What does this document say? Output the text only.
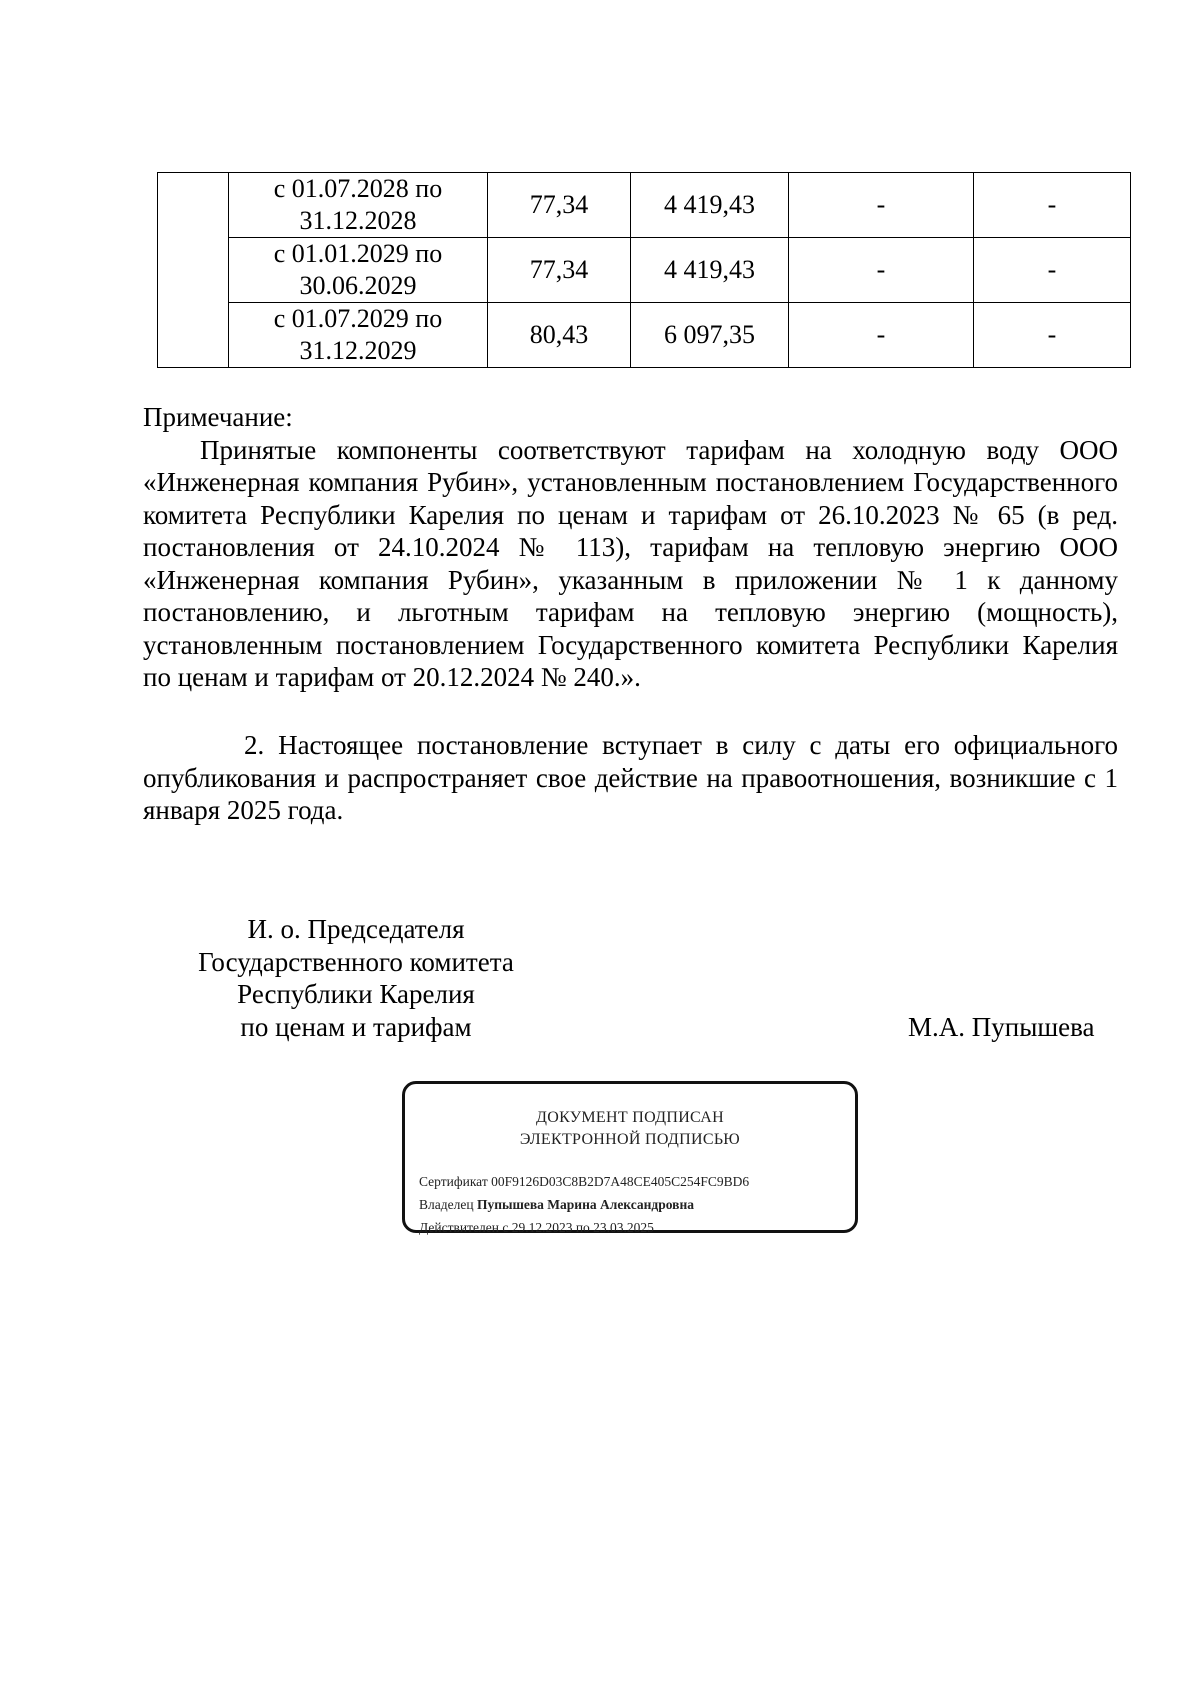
	с 01.07.2028 по
31.12.2028	77,34	4 419,43	-	-

	с 01.01.2029 по
30.06.2029	77,34	4 419,43	-	-

	с 01.07.2029 по
31.12.2029	80,43	6 097,35	-	-

Примечание:

Принятые компоненты соответствуют тарифам на холодную воду ООО «Инженерная компания Рубин», установленным постановлением Государственного комитета Республики Карелия по ценам и тарифам от 26.10.2023 № 65 (в ред. постановления от 24.10.2024 № 113), тарифам на тепловую энергию ООО «Инженерная компания Рубин», указанным в приложении № 1 к данному постановлению, и льготным тарифам на тепловую энергию (мощность), установленным постановлением Государственного комитета Республики Карелия по ценам и тарифам от 20.12.2024 № 240.».

2. Настоящее постановление вступает в силу с даты его официального опубликования и распространяет свое действие на правоотношения, возникшие с 1 января 2025 года.

И. о. Председателя
Государственного комитета
Республики Карелия
по ценам и тарифам	М.А. Пупышева
ДОКУМЕНТ ПОДПИСАН
ЭЛЕКТРОННОЙ ПОДПИСЬЮ
Сертификат 00F9126D03C8B2D7A48CE405C254FC9BD6
Владелец Пупышева Марина Александровна
Действителен с 29.12.2023 по 23.03.2025
